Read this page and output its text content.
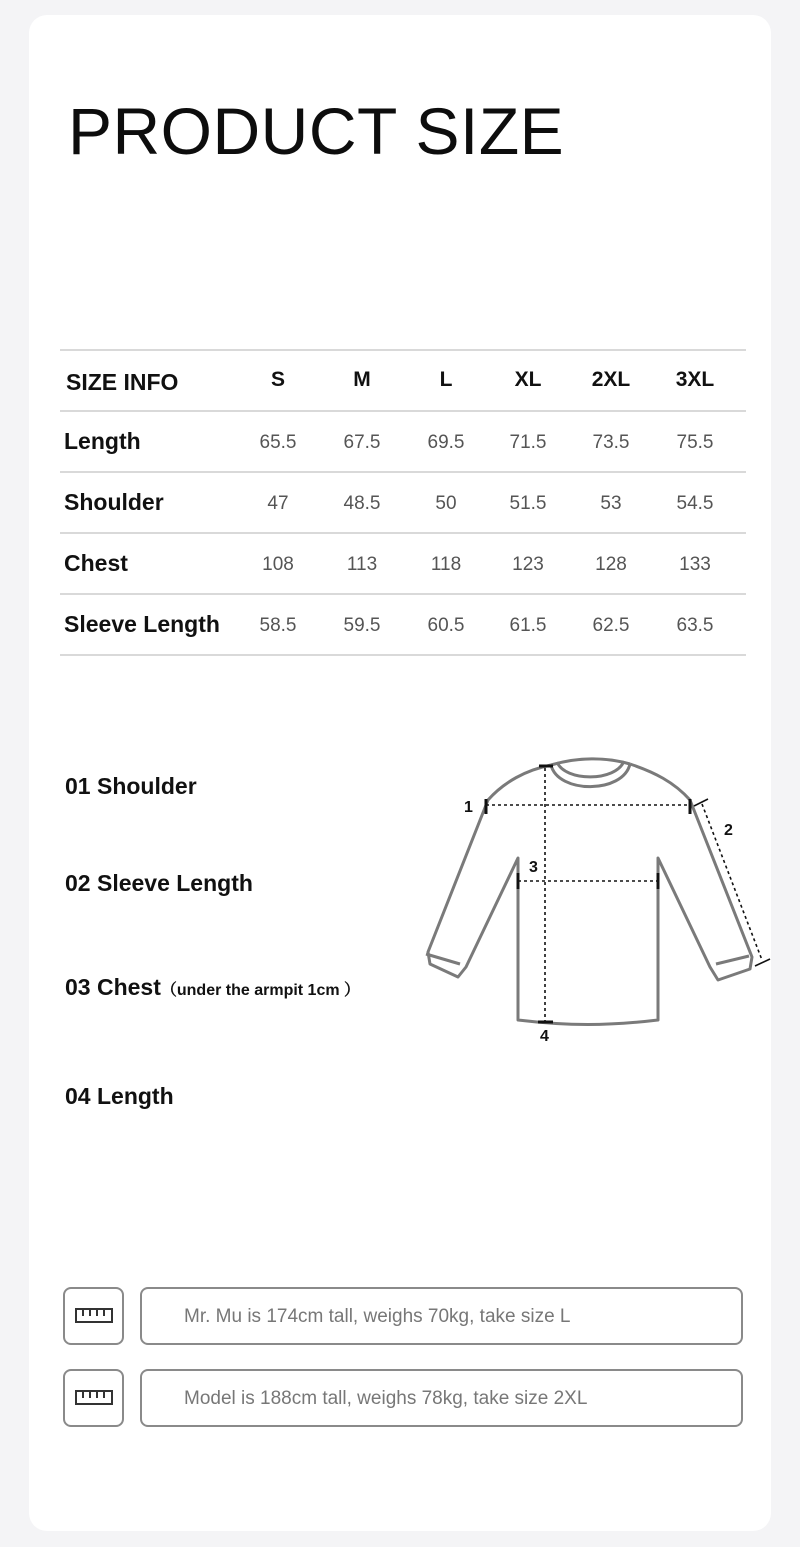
PRODUCT SIZE
SIZE INFO	S	M	L	XL	2XL	3XL
Length	65.5	67.5	69.5	71.5	73.5	75.5
Shoulder	47	48.5	50	51.5	53	54.5
Chest	108	113	118	123	128	133
Sleeve Length	58.5	59.5	60.5	61.5	62.5	63.5
01 Shoulder
02 Sleeve Length
03 Chest（under the armpit 1cm ）
04 Length
1
2
3
4
Mr. Mu is 174cm tall, weighs 70kg, take size L
Model is 188cm tall, weighs 78kg, take size 2XL
